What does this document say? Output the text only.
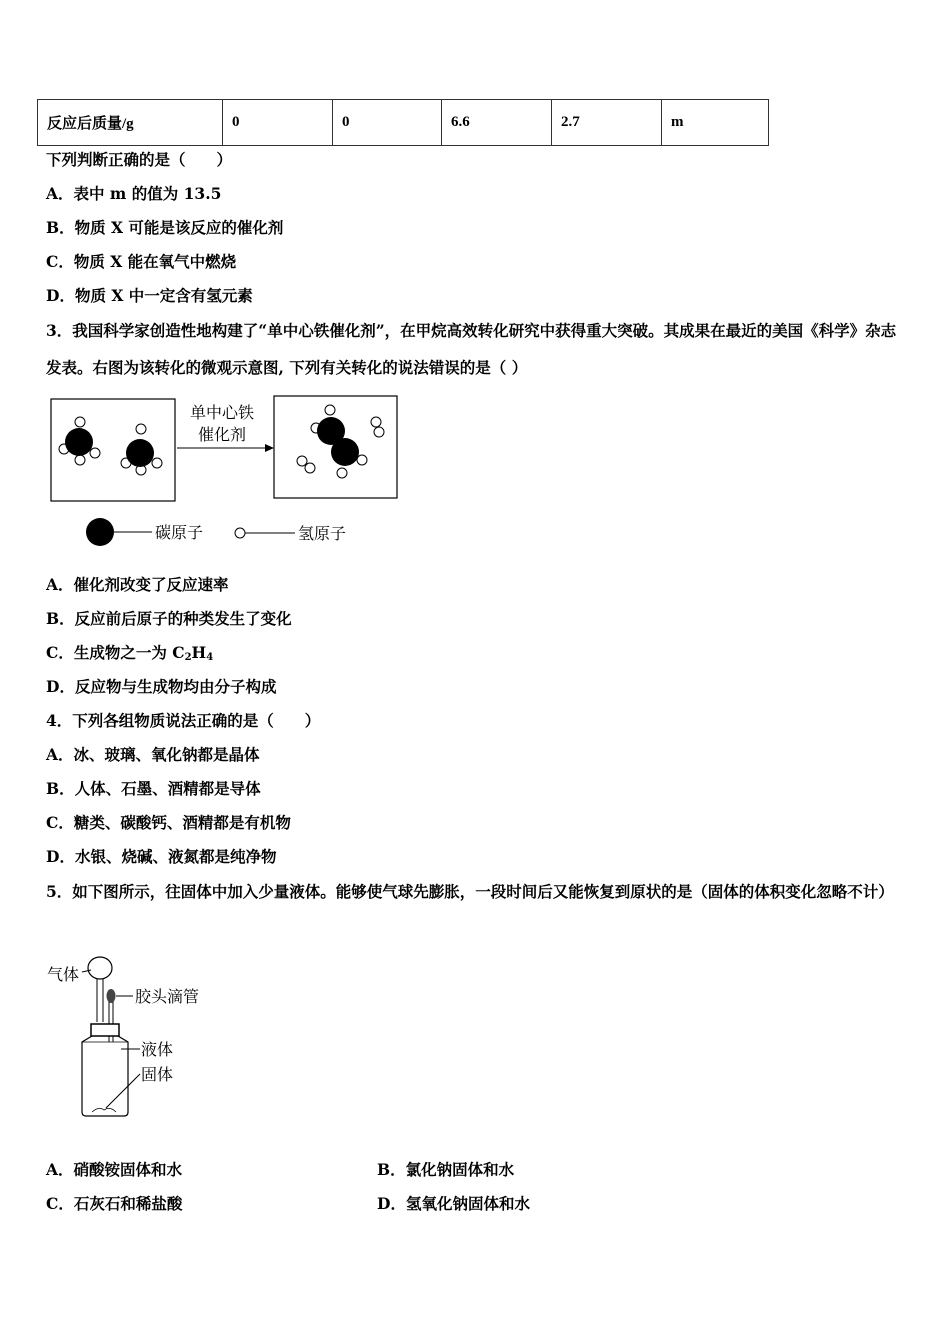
反应后质量/g	0	0	6.6	2.7	m
下列判断正确的是（　　）
A．表中 m 的值为 13.5
B．物质 X 可能是该反应的催化剂
C．物质 X 能在氧气中燃烧
D．物质 X 中一定含有氢元素
3．我国科学家创造性地构建了“单中心铁催化剂”，在甲烷高效转化研究中获得重大突破。其成果在最近的美国《科学》杂志发表。右图为该转化的微观示意图, 下列有关转化的说法错误的是（ ）
单中心铁
催化剂
碳原子	氢原子
A．催化剂改变了反应速率
B．反应前后原子的种类发生了变化
C．生成物之一为 $C_2H_4$
D．反应物与生成物均由分子构成
4．下列各组物质说法正确的是（　　）
A．冰、玻璃、氧化钠都是晶体
B．人体、石墨、酒精都是导体
C．糖类、碳酸钙、酒精都是有机物
D．水银、烧碱、液氮都是纯净物
5．如下图所示，往固体中加入少量液体。能够使气球先膨胀，一段时间后又能恢复到原状的是（固体的体积变化忽略不计）
气体
胶头滴管
液体
固体
A．硝酸铵固体和水	B．氯化钠固体和水
C．石灰石和稀盐酸	D．氢氧化钠固体和水
